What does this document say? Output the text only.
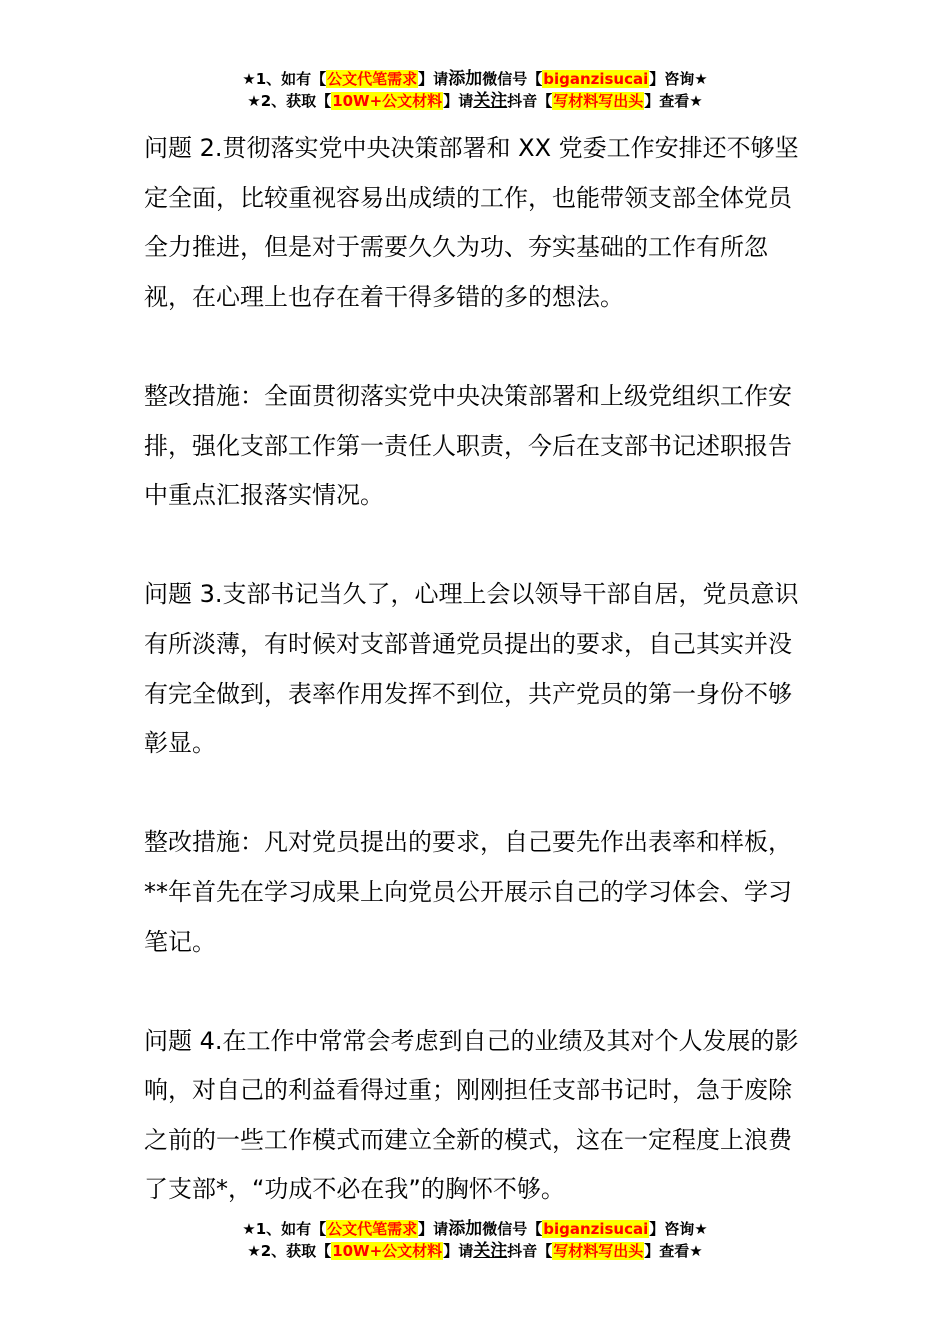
★1、如有【公文代笔需求】请添加微信号【biganzisucai】咨询★
★2、获取【10W+公文材料】请关注抖音【写材料写出头】查看★

问题 2.贯彻落实党中央决策部署和 XX 党委工作安排还不够坚定全面，比较重视容易出成绩的工作，也能带领支部全体党员全力推进，但是对于需要久久为功、夯实基础的工作有所忽视，在心理上也存在着干得多错的多的想法。

整改措施：全面贯彻落实党中央决策部署和上级党组织工作安排，强化支部工作第一责任人职责，今后在支部书记述职报告中重点汇报落实情况。

问题 3.支部书记当久了，心理上会以领导干部自居，党员意识有所淡薄，有时候对支部普通党员提出的要求，自己其实并没有完全做到，表率作用发挥不到位，共产党员的第一身份不够彰显。

整改措施：凡对党员提出的要求，自己要先作出表率和样板，**年首先在学习成果上向党员公开展示自己的学习体会、学习笔记。

问题 4.在工作中常常会考虑到自己的业绩及其对个人发展的影响，对自己的利益看得过重；刚刚担任支部书记时，急于废除之前的一些工作模式而建立全新的模式，这在一定程度上浪费了支部*，“功成不必在我”的胸怀不够。

★1、如有【公文代笔需求】请添加微信号【biganzisucai】咨询★
★2、获取【10W+公文材料】请关注抖音【写材料写出头】查看★
